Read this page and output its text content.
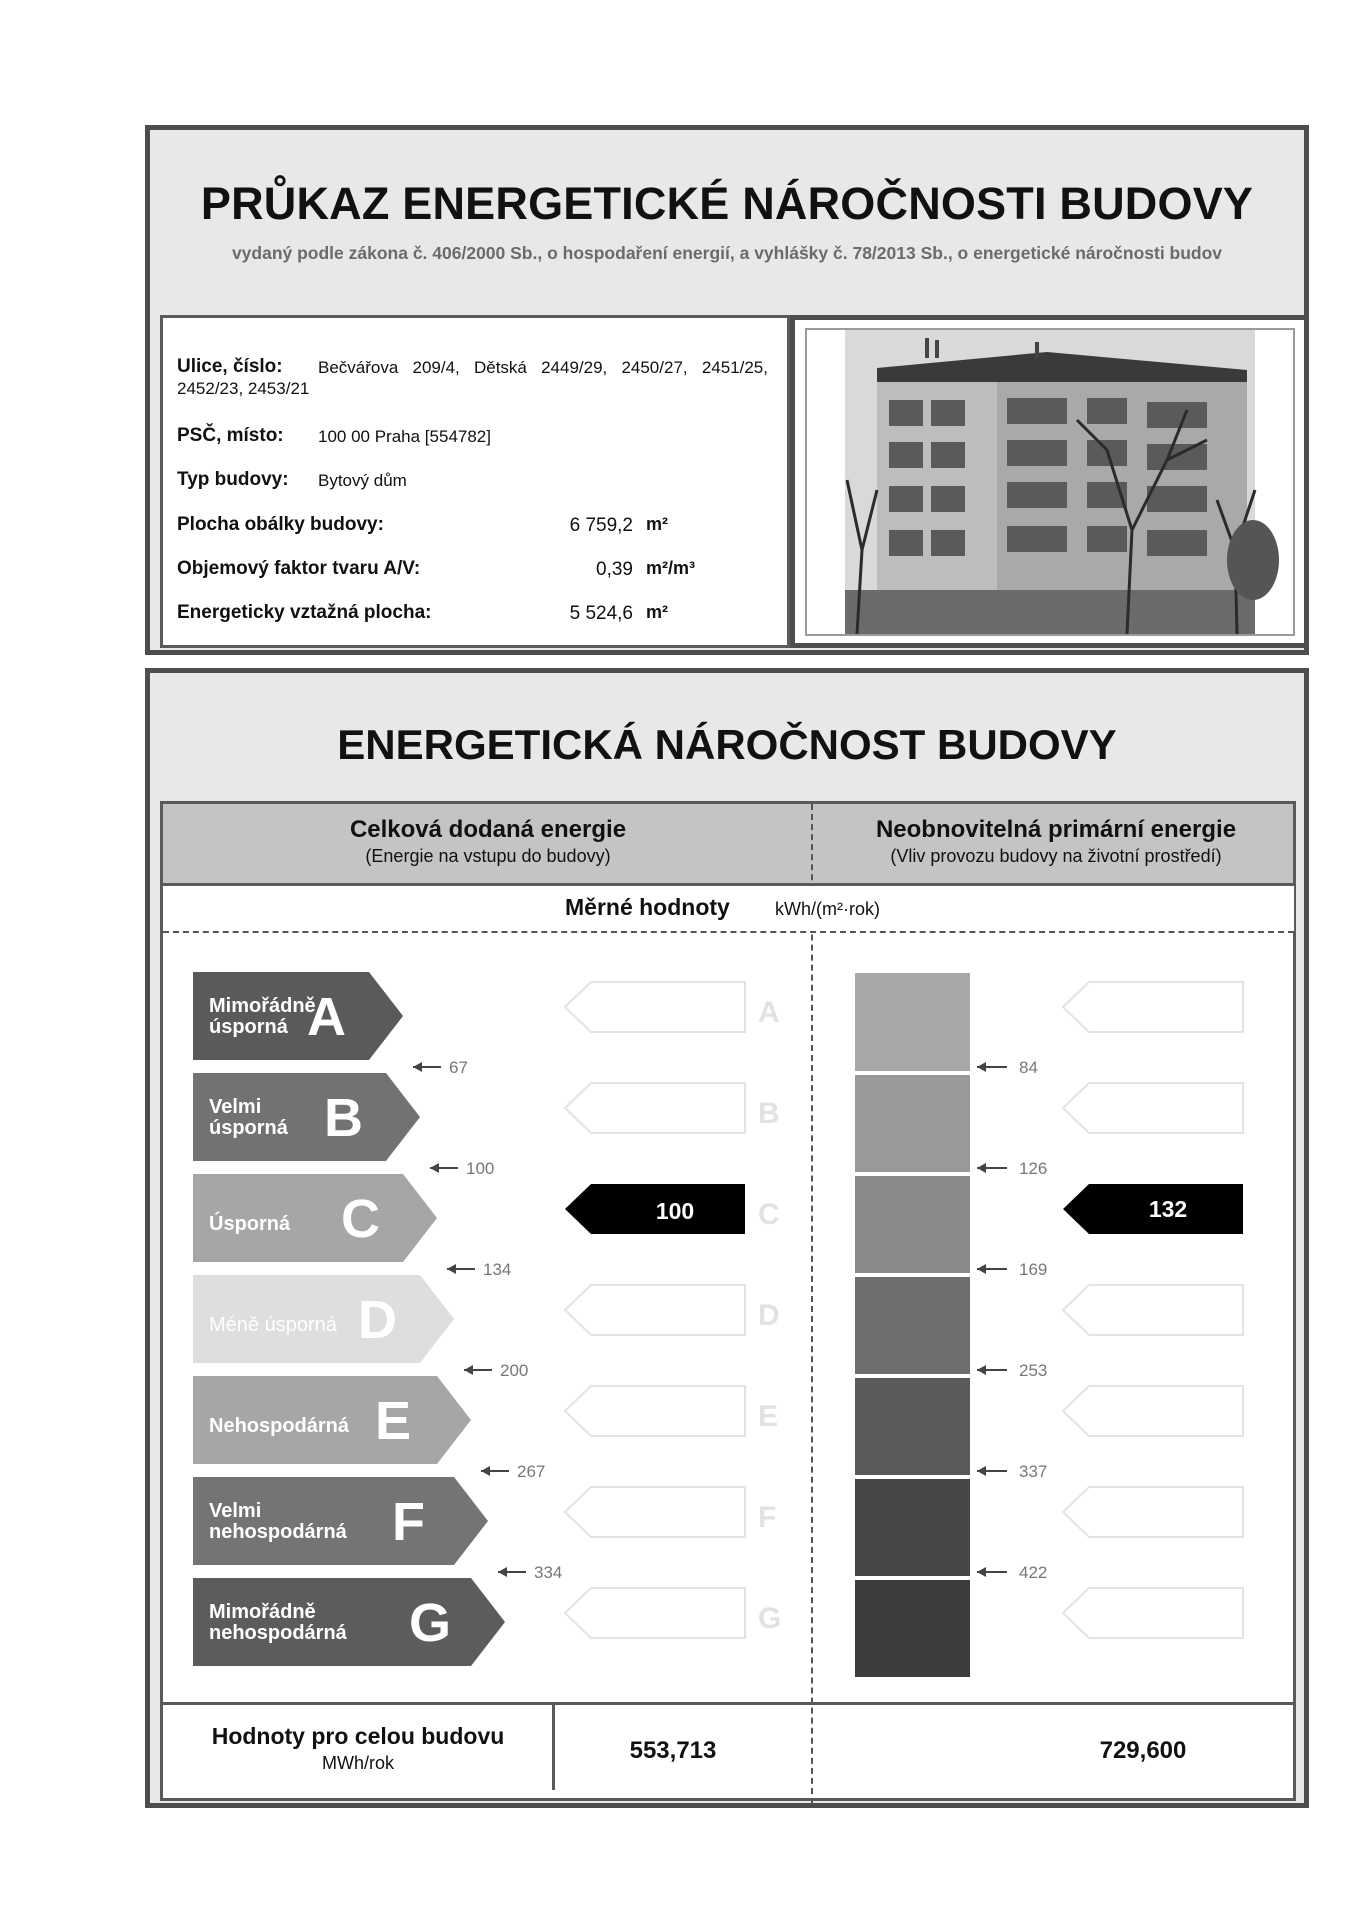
PRŮKAZ ENERGETICKÉ NÁROČNOSTI BUDOVY
vydaný podle zákona č. 406/2000 Sb., o hospodaření energií, a vyhlášky č. 78/2013 Sb., o energetické náročnosti budov
Ulice, číslo: Bečvářova 209/4, Dětská 2449/29, 2450/27, 2451/25,
2452/23, 2453/21
PSČ, místo: 100 00 Praha [554782]
Typ budovy: Bytový dům
Plocha obálky budovy:	6 759,2 m²
Objemový faktor tvaru A/V:	0,39 m²/m³
Energeticky vztažná plocha:	5 524,6 m²
ENERGETICKÁ NÁROČNOST BUDOVY
Celková dodaná energie
(Energie na vstupu do budovy)
Neobnovitelná primární energie
(Vliv provozu budovy na životní prostředí)
Měrné hodnoty	kWh/(m²·rok)
Mimořádně
úsporná A	A
Velmi
úsporná B	B
Úsporná C	100 C	132
Méně úsporná D	D
Nehospodárná E	E
Velmi
nehospodárná F	F
Mimořádně
nehospodárná G	G
67
100
134
200
267
334
84
126
169
253
337
422
Hodnoty pro celou budovu
MWh/rok	553,713	729,600
